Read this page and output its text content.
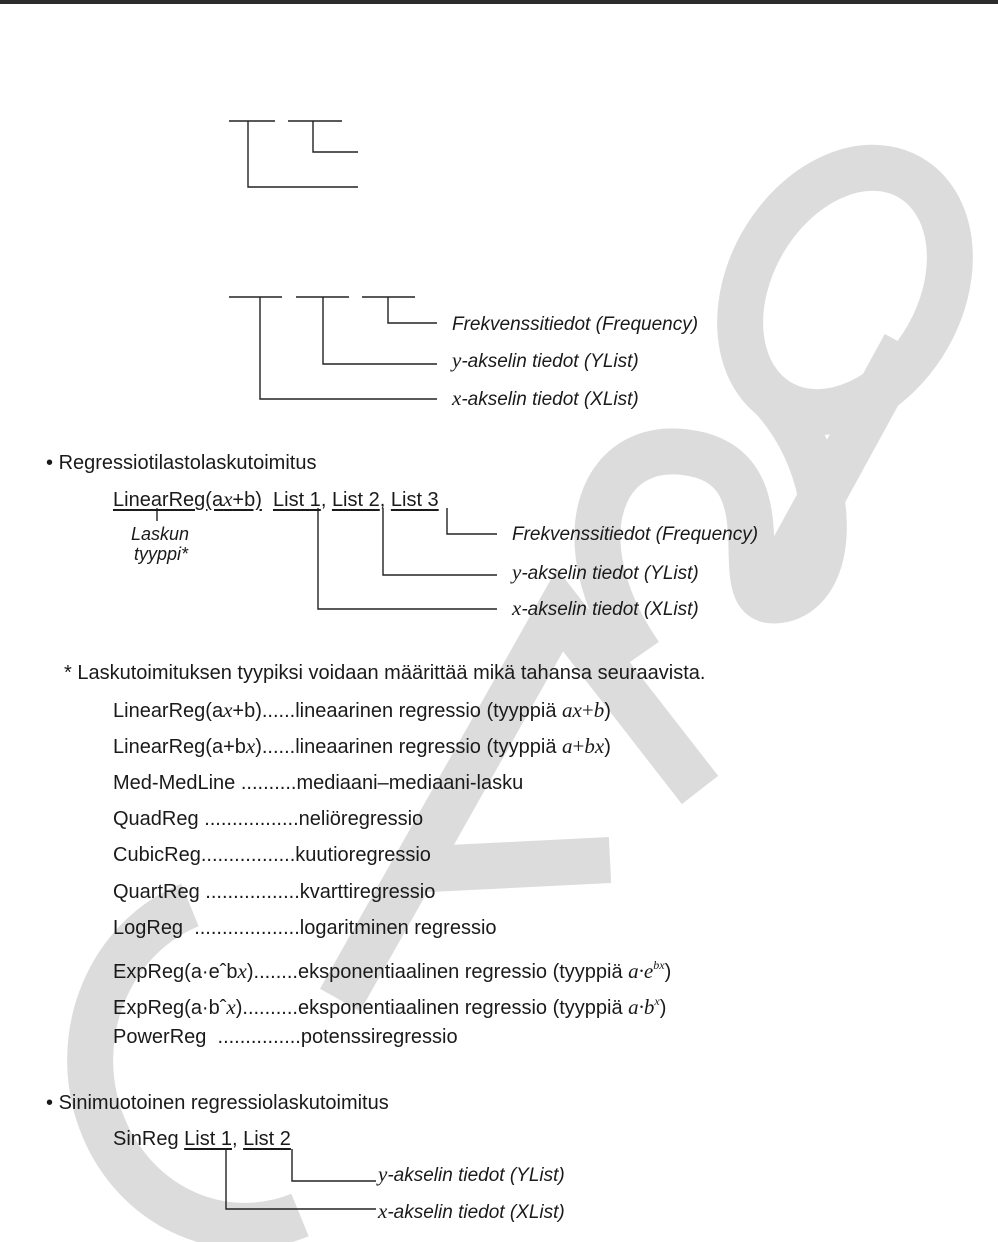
Frekvenssitiedot (Frequency)
y-akselin tiedot (YList)
x-akselin tiedot (XList)
• Regressiotilastolaskutoimitus
LinearReg(ax+b) List 1, List 2, List 3
Laskun
tyyppi*
Frekvenssitiedot (Frequency)
y-akselin tiedot (YList)
x-akselin tiedot (XList)
* Laskutoimituksen tyypiksi voidaan määrittää mikä tahansa seuraavista.
LinearReg(ax+b)......lineaarinen regressio (tyyppiä ax+b)
LinearReg(a+bx)......lineaarinen regressio (tyyppiä a+bx)
Med-MedLine ..........mediaani–mediaani-lasku
QuadReg .................neliöregressio
CubicReg.................kuutioregressio
QuartReg .................kvarttiregressio
LogReg ...................logaritminen regressio
ExpReg(a·eˆbx)........eksponentiaalinen regressio (tyyppiä $a\cdot e^{bx}$)
ExpReg(a·bˆx)..........eksponentiaalinen regressio (tyyppiä $a\cdot b^x$)
PowerReg ...............potenssiregressio
• Sinimuotoinen regressiolaskutoimitus
SinReg List 1, List 2
y-akselin tiedot (YList)
x-akselin tiedot (XList)
